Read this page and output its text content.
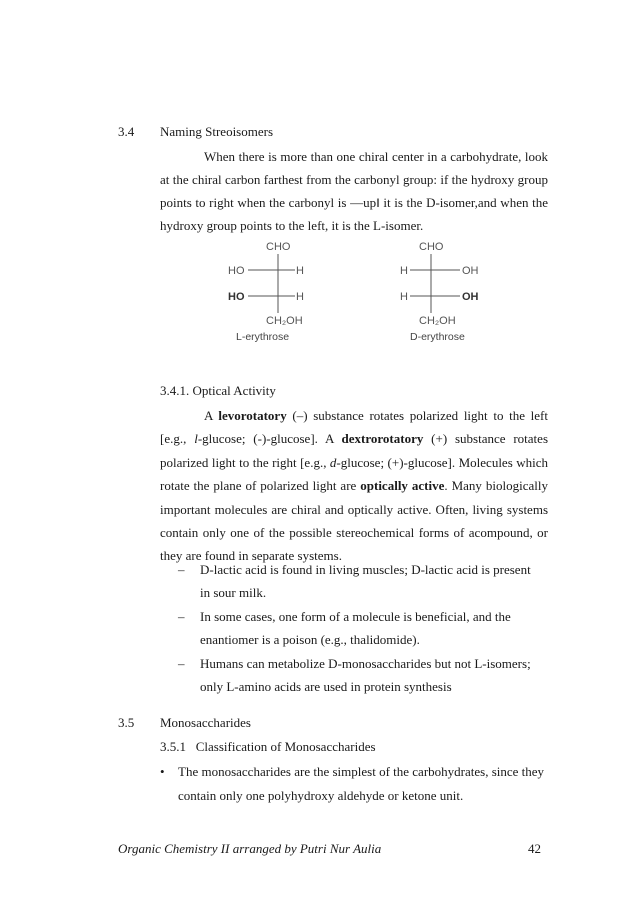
3.4 Naming Streoisomers
When there is more than one chiral center in a carbohydrate, look at the chiral carbon farthest from the carbonyl group: if the hydroxy group points to right when the carbonyl is ―up‖ it is the D-isomer,and when the hydroxy group points to the left, it is the L-isomer.
CHO
HO	H
HO	H
CH₂OH
L-erythrose
CHO
H	OH
H	OH
CH₂OH
D-erythrose
3.4.1. Optical Activity
A levorotatory (–) substance rotates polarized light to the left [e.g., l-glucose; (-)-glucose]. A dextrorotatory (+) substance rotates polarized light to the right [e.g., d-glucose; (+)-glucose]. Molecules which rotate the plane of polarized light are optically active. Many biologically important molecules are chiral and optically active. Often, living systems contain only one of the possible stereochemical forms of acompound, or they are found in separate systems.
– D-lactic acid is found in living muscles; D-lactic acid is present in sour milk.
– In some cases, one form of a molecule is beneficial, and the enantiomer is a poison (e.g., thalidomide).
– Humans can metabolize D-monosaccharides but not L-isomers; only L-amino acids are used in protein synthesis
3.5 Monosaccharides
3.5.1   Classification of Monosaccharides
• The monosaccharides are the simplest of the carbohydrates, since they contain only one polyhydroxy aldehyde or ketone unit.
Organic Chemistry II arranged by Putri Nur Aulia	42
